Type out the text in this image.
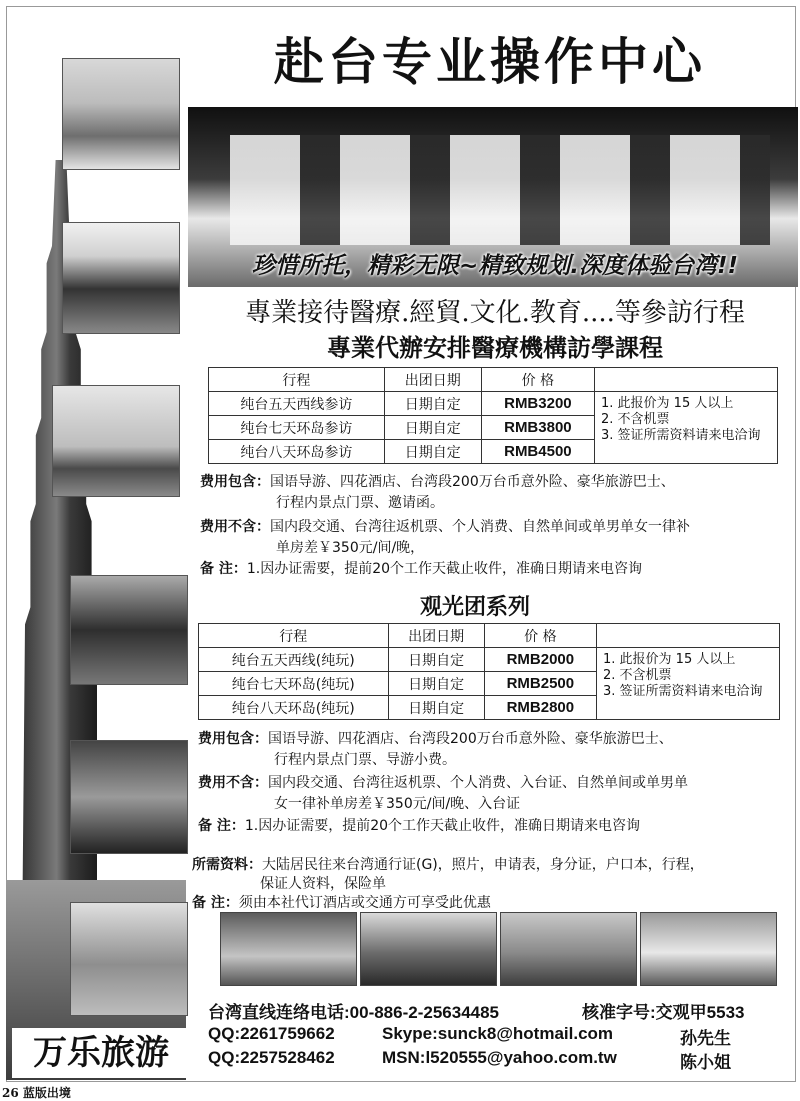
赴台专业操作中心
珍惜所托，精彩无限~精致规划.深度体验台湾!!
專業接待醫療.經貿.文化.教育....等參訪行程
專業代辦安排醫療機構訪學課程
行程	出团日期	价 格	
纯台五天西线参访	日期自定	RMB3200	1. 此报价为 15 人以上
2. 不含机票
3. 签证所需资料请来电洽询

纯台七天环岛参访	日期自定	RMB3800	
纯台八天环岛参访	日期自定	RMB4500	
费用包含：国语导游、四花酒店、台湾段200万台币意外险、豪华旅游巴士、
行程内景点门票、邀请函。
费用不含：国内段交通、台湾往返机票、个人消费、自然单间或单男单女一律补
单房差￥350元/间/晚，
备 注：1.因办证需要，提前20个工作天截止收件，准确日期请来电咨询
观光团系列
行程	出团日期	价 格	
纯台五天西线(纯玩)	日期自定	RMB2000	1. 此报价为 15 人以上
2. 不含机票
3. 签证所需资料请来电洽询

纯台七天环岛(纯玩)	日期自定	RMB2500	
纯台八天环岛(纯玩)	日期自定	RMB2800	
费用包含：国语导游、四花酒店、台湾段200万台币意外险、豪华旅游巴士、
行程内景点门票、导游小费。
费用不含：国内段交通、台湾往返机票、个人消费、入台证、自然单间或单男单
女一律补单房差￥350元/间/晚、入台证
备 注：1.因办证需要，提前20个工作天截止收件，准确日期请来电咨询
所需资料：大陆居民往来台湾通行证(G)，照片，申请表，身分证，户口本，行程，
保证人资料，保险单
备 注：须由本社代订酒店或交通方可享受此优惠
台湾直线连络电话:00-886-2-25634485	核准字号:交观甲5533
QQ:2261759662	Skype:sunck8@hotmail.com	孙先生
QQ:2257528462	MSN:l520555@yahoo.com.tw	陈小姐
万乐旅游
26 蓝版出境
